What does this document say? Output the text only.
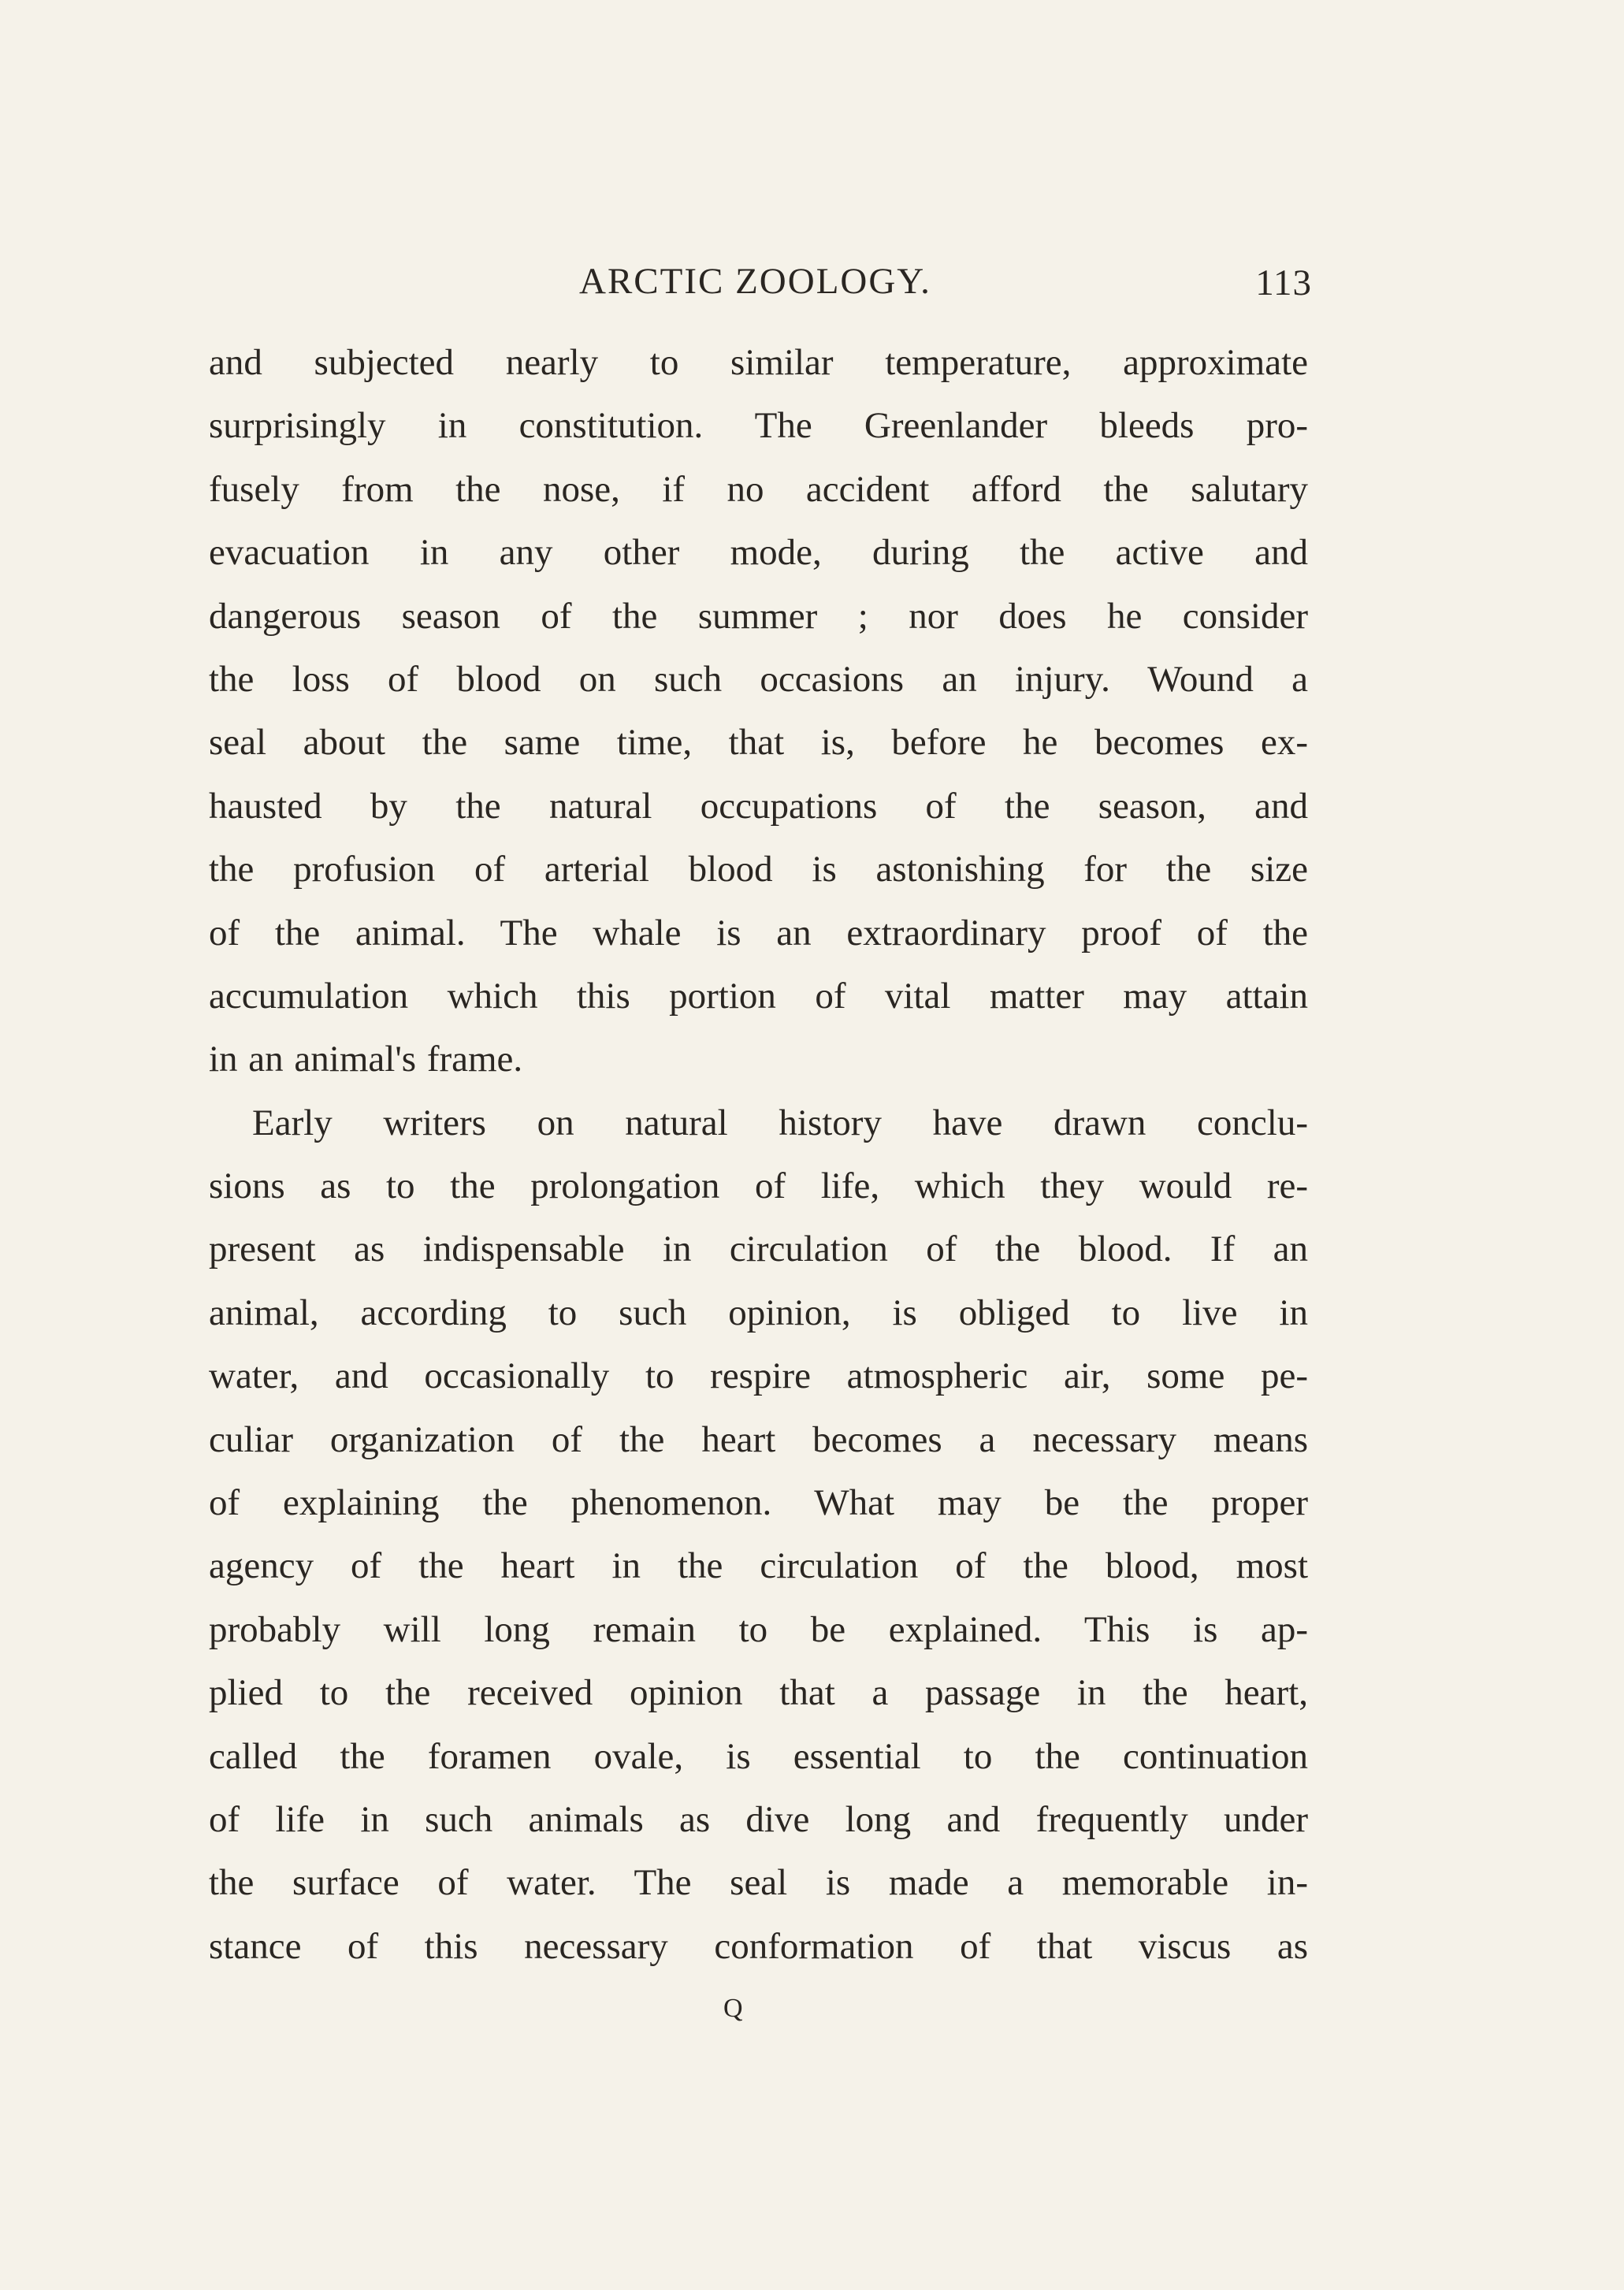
ARCTIC ZOOLOGY.	113
and subjected nearly to similar temperature, approximate
surprisingly in constitution. The Greenlander bleeds pro-
fusely from the nose, if no accident afford the salutary
evacuation in any other mode, during the active and
dangerous season of the summer ; nor does he consider
the loss of blood on such occasions an injury. Wound a
seal about the same time, that is, before he becomes ex-
hausted by the natural occupations of the season, and
the profusion of arterial blood is astonishing for the size
of the animal. The whale is an extraordinary proof of the
accumulation which this portion of vital matter may attain
in an animal's frame.
Early writers on natural history have drawn conclu-
sions as to the prolongation of life, which they would re-
present as indispensable in circulation of the blood. If an
animal, according to such opinion, is obliged to live in
water, and occasionally to respire atmospheric air, some pe-
culiar organization of the heart becomes a necessary means
of explaining the phenomenon. What may be the proper
agency of the heart in the circulation of the blood, most
probably will long remain to be explained. This is ap-
plied to the received opinion that a passage in the heart,
called the foramen ovale, is essential to the continuation
of life in such animals as dive long and frequently under
the surface of water. The seal is made a memorable in-
stance of this necessary conformation of that viscus as
Q
